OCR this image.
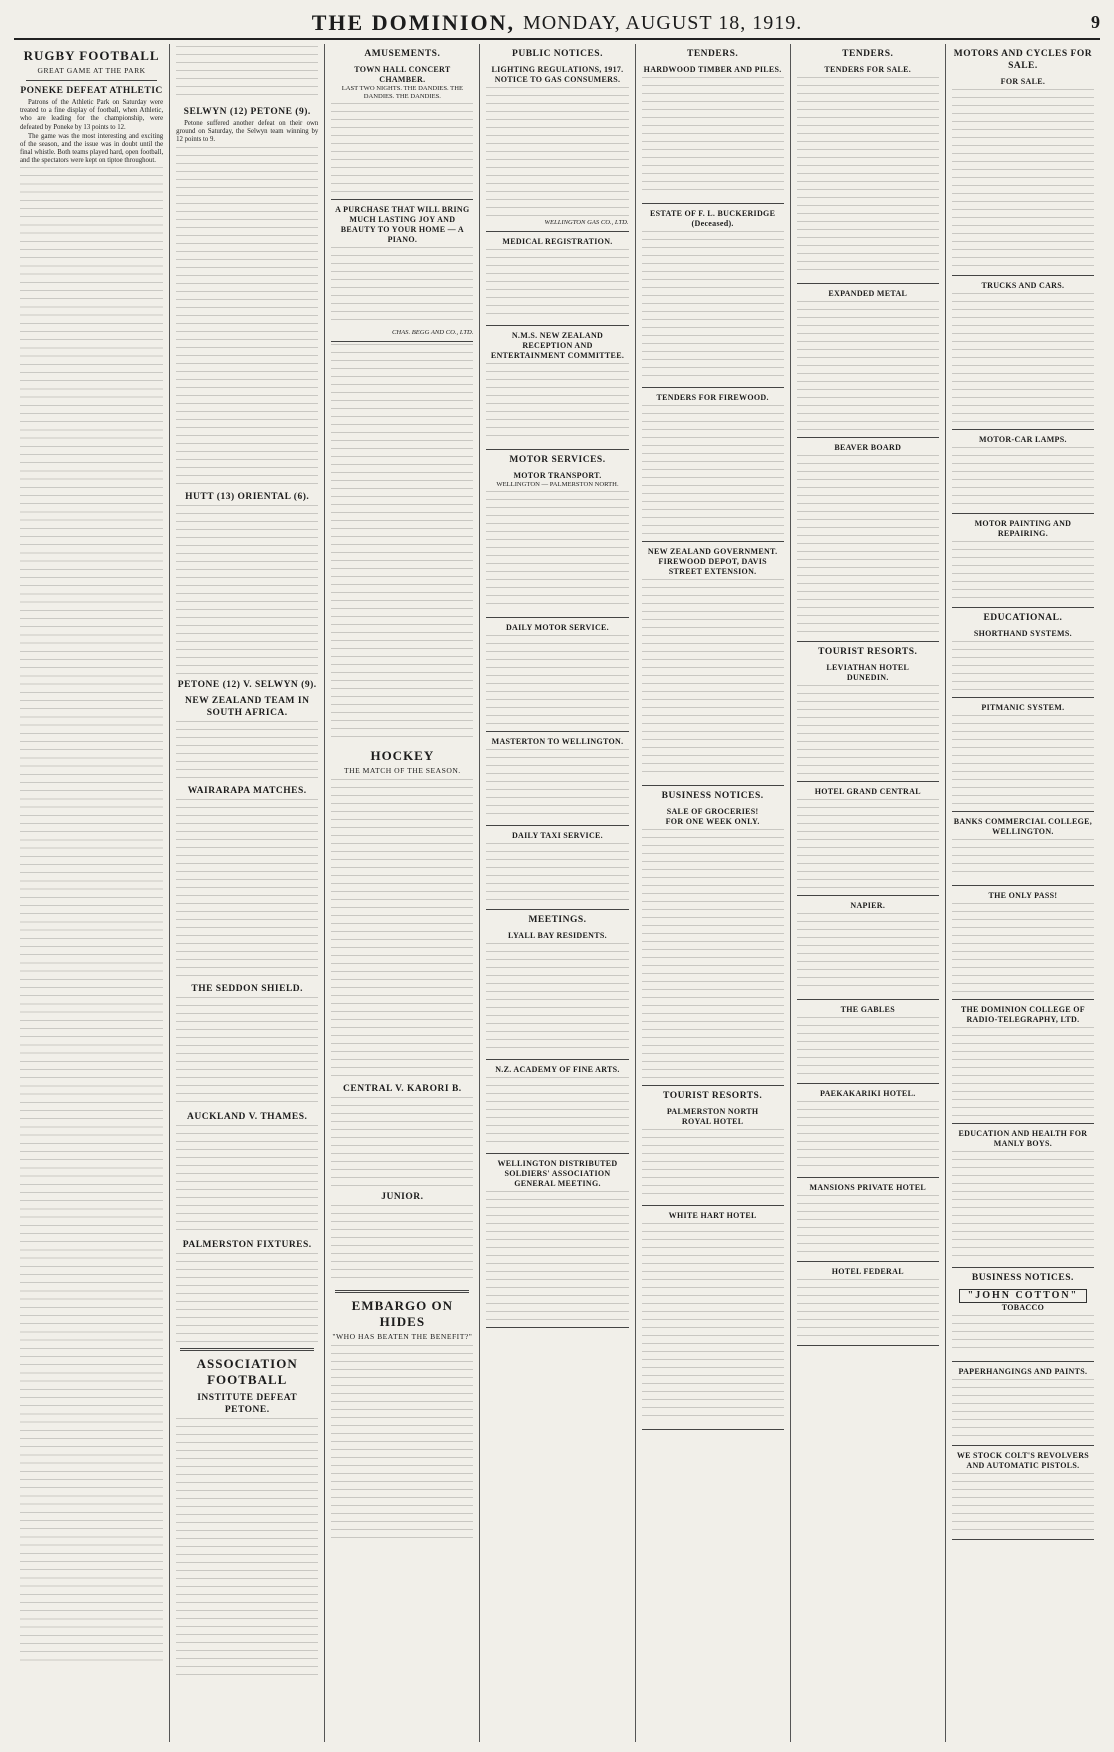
THE DOMINION, MONDAY, AUGUST 18, 1919.	9
RUGBY FOOTBALL
GREAT GAME AT THE PARK
PONEKE DEFEAT ATHLETIC

Patrons of the Athletic Park on Saturday were treated to a fine display of football, when Athletic, who are leading for the championship, were defeated by Poneke by 13 points to 12.

The game was the most interesting and exciting of the season, and the issue was in doubt until the final whistle. Both teams played hard, open football, and the spectators were kept on tiptoe throughout.

SELWYN (12) PETONE (9).

Petone suffered another defeat on their own ground on Saturday, the Selwyn team winning by 12 points to 9.

HUTT (13) ORIENTAL (6).
PETONE (12) V. SELWYN (9).
NEW ZEALAND TEAM IN SOUTH AFRICA.
WAIRARAPA MATCHES.
THE SEDDON SHIELD.
AUCKLAND V. THAMES.
PALMERSTON FIXTURES.
ASSOCIATION FOOTBALL
INSTITUTE DEFEAT PETONE.
AMUSEMENTS.
TOWN HALL CONCERT CHAMBER.
LAST TWO NIGHTS. THE DANDIES. THE DANDIES. THE DANDIES.
A PURCHASE THAT WILL BRING MUCH LASTING JOY AND BEAUTY TO YOUR HOME — A PIANO.
CHAS. BEGG AND CO., LTD.
HOCKEY
THE MATCH OF THE SEASON.
CENTRAL V. KARORI B.
JUNIOR.
EMBARGO ON HIDES
"WHO HAS BEATEN THE BENEFIT?"
PUBLIC NOTICES.
LIGHTING REGULATIONS, 1917.
NOTICE TO GAS CONSUMERS.
WELLINGTON GAS CO., LTD.
MEDICAL REGISTRATION.
N.M.S. NEW ZEALAND RECEPTION AND ENTERTAINMENT COMMITTEE.
MOTOR SERVICES.
MOTOR TRANSPORT.
WELLINGTON — PALMERSTON NORTH.
DAILY MOTOR SERVICE.
MASTERTON TO WELLINGTON.
DAILY TAXI SERVICE.
MEETINGS.
LYALL BAY RESIDENTS.
N.Z. ACADEMY OF FINE ARTS.
WELLINGTON DISTRIBUTED SOLDIERS' ASSOCIATION
GENERAL MEETING.
TENDERS.
HARDWOOD TIMBER AND PILES.
ESTATE OF F. L. BUCKERIDGE (Deceased).
TENDERS FOR FIREWOOD.
NEW ZEALAND GOVERNMENT.
FIREWOOD DEPOT, DAVIS STREET EXTENSION.
BUSINESS NOTICES.
SALE OF GROCERIES!
FOR ONE WEEK ONLY.
TOURIST RESORTS.
PALMERSTON NORTH
ROYAL HOTEL
WHITE HART HOTEL
TENDERS.
TENDERS FOR SALE.
EXPANDED METAL
BEAVER BOARD
TOURIST RESORTS.
LEVIATHAN HOTEL
DUNEDIN.
HOTEL GRAND CENTRAL
NAPIER.
THE GABLES
PAEKAKARIKI HOTEL.
MANSIONS PRIVATE HOTEL
HOTEL FEDERAL
MOTORS AND CYCLES FOR SALE.
FOR SALE.
TRUCKS AND CARS.
MOTOR-CAR LAMPS.
MOTOR PAINTING AND REPAIRING.
EDUCATIONAL.
SHORTHAND SYSTEMS.
PITMANIC SYSTEM.
BANKS COMMERCIAL COLLEGE, WELLINGTON.
THE ONLY PASS!
THE DOMINION COLLEGE OF RADIO-TELEGRAPHY, LTD.
EDUCATION AND HEALTH FOR MANLY BOYS.
BUSINESS NOTICES.
"JOHN COTTON"
TOBACCO
PAPERHANGINGS AND PAINTS.
WE STOCK COLT'S REVOLVERS AND AUTOMATIC PISTOLS.
